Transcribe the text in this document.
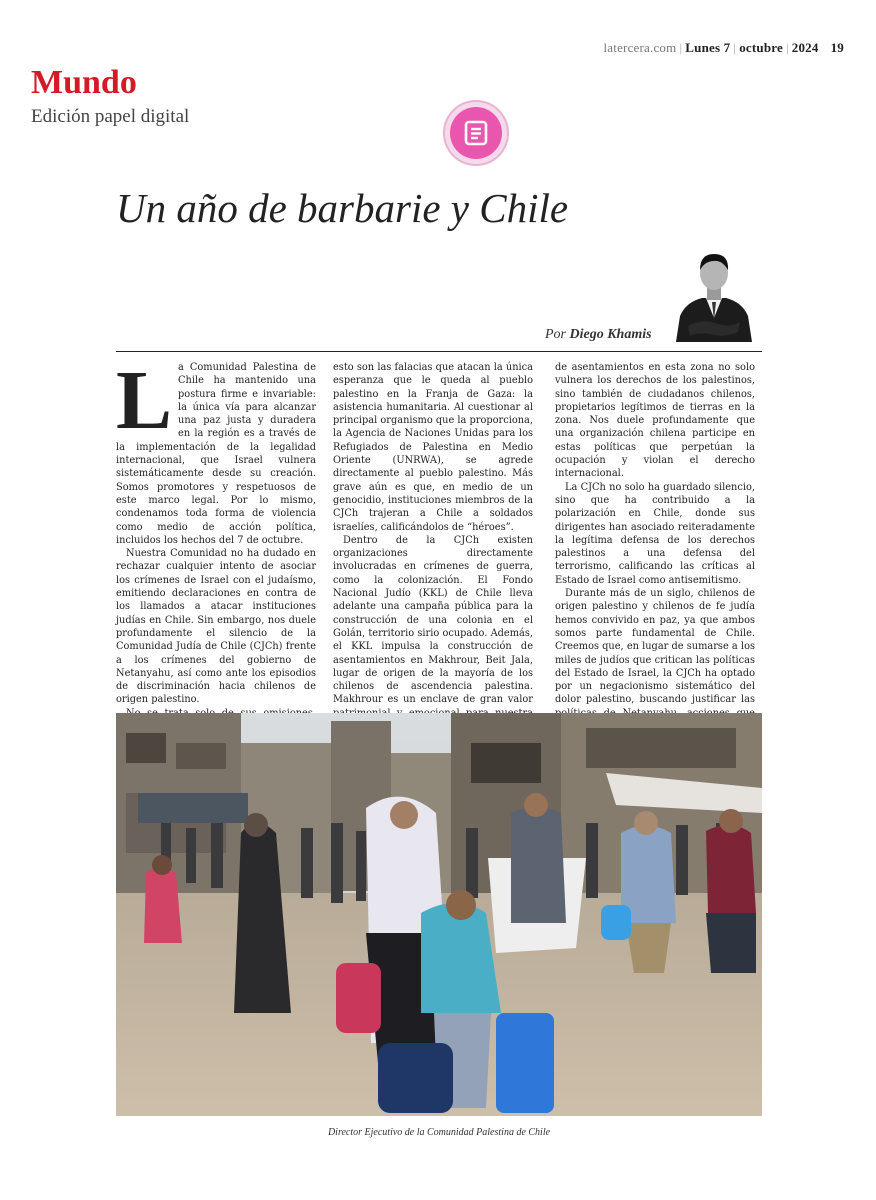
latercera.com | Lunes 7 | octubre | 2024 19
Mundo
Edición papel digital
Un año de barbarie y Chile
Por Diego Khamis
L a Comunidad Palestina de Chile ha mantenido una postura firme e invariable: la única vía para alcanzar una paz justa y duradera en la región es a través de la implementación de la legalidad internacional, que Israel vulnera sistemáticamente desde su creación. Somos promotores y respetuosos de este marco legal. Por lo mismo, condenamos toda forma de violencia como medio de acción política, incluidos los hechos del 7 de octubre.

Nuestra Comunidad no ha dudado en rechazar cualquier intento de asociar los crímenes de Israel con el judaísmo, emitiendo declaraciones en contra de los llamados a atacar instituciones judías en Chile. Sin embargo, nos duele profundamente el silencio de la Comunidad Judía de Chile (CJCh) frente a los crímenes del gobierno de Netanyahu, así como ante los episodios de discriminación hacia chilenos de origen palestino.

esto son las falacias que atacan la única esperanza que le queda al pueblo palestino en la Franja de Gaza: la asistencia humanitaria. Al cuestionar al principal organismo que la proporciona, la Agencia de Naciones Unidas para los Refugiados de Palestina en Medio Oriente (UNRWA), se agrede directamente al pueblo palestino. Más grave aún es que, en medio de un genocidio, instituciones miembros de la CJCh trajeran a Chile a soldados israelíes, calificándolos de “héroes”.

Dentro de la CJCh existen organizaciones directamente involucradas en crímenes de guerra, como la colonización. El Fondo Nacional Judío (KKL) de Chile lleva adelante una campaña pública para la construcción de una colonia en el Golán, territorio sirio ocupado. Además, el KKL impulsa la construcción de asentamientos en Makhrour, Beit Jala, lugar de origen de la mayoría de los chilenos de ascendencia palestina. Makhrour es un enclave de gran valor

de asentamientos en esta zona no solo vulnera los derechos de los palestinos, sino también de ciudadanos chilenos, propietarios legítimos de tierras en la zona. Nos duele profundamente que una organización chilena participe en estas políticas que perpetúan la ocupación y violan el derecho internacional.

La CJCh no solo ha guardado silencio, sino que ha contribuido a la polarización en Chile, donde sus dirigentes han asociado reiteradamente la legítima defensa de los derechos palestinos a una defensa del terrorismo, calificando las críticas al Estado de Israel como antisemitismo.

Durante más de un siglo, chilenos de origen palestino y chilenos de fe judía hemos convivido en paz, ya que ambos somos parte fundamental de Chile. Creemos que, en lugar de sumarse a los miles de judíos que critican las políticas del Estado de Israel, la CJCh ha optado por un negacionismo sistemático del dolor palestino, buscando justificar las

Director Ejecutivo de la Comunidad Palestina de Chile
